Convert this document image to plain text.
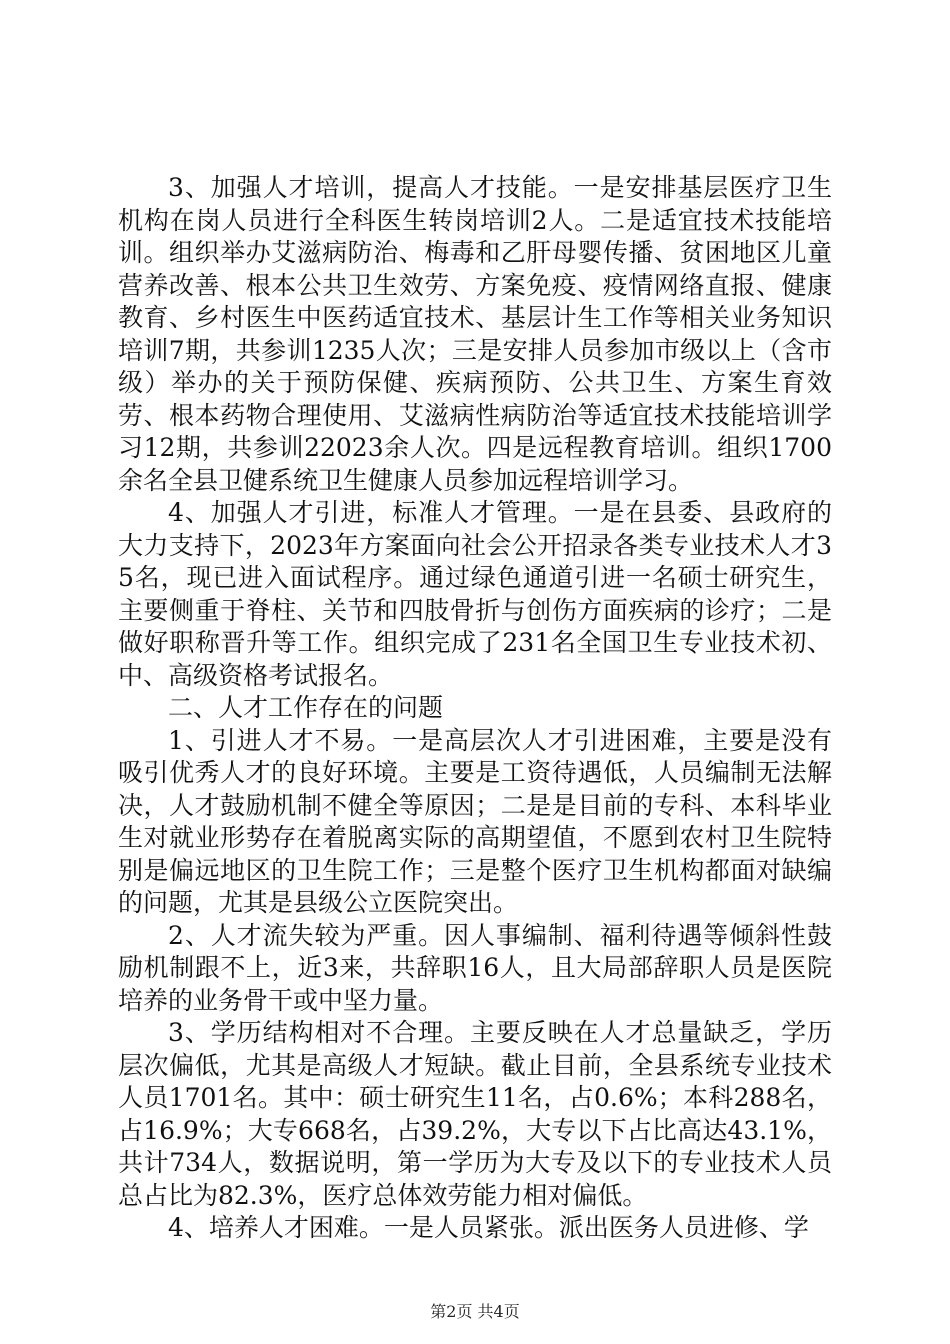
3、加强人才培训，提高人才技能。一是安排基层医疗卫生机构在岗人员进行全科医生转岗培训2人。二是适宜技术技能培训。组织举办艾滋病防治、梅毒和乙肝母婴传播、贫困地区儿童营养改善、根本公共卫生效劳、方案免疫、疫情网络直报、健康教育、乡村医生中医药适宜技术、基层计生工作等相关业务知识培训7期，共参训1235人次；三是安排人员参加市级以上（含市级）举办的关于预防保健、疾病预防、公共卫生、方案生育效劳、根本药物合理使用、艾滋病性病防治等适宜技术技能培训学习12期，共参训22023余人次。四是远程教育培训。组织1700余名全县卫健系统卫生健康人员参加远程培训学习。

4、加强人才引进，标准人才管理。一是在县委、县政府的大力支持下，2023年方案面向社会公开招录各类专业技术人才35名，现已进入面试程序。通过绿色通道引进一名硕士研究生，主要侧重于脊柱、关节和四肢骨折与创伤方面疾病的诊疗；二是做好职称晋升等工作。组织完成了231名全国卫生专业技术初、中、高级资格考试报名。

二、人才工作存在的问题

1、引进人才不易。一是高层次人才引进困难，主要是没有吸引优秀人才的良好环境。主要是工资待遇低，人员编制无法解决，人才鼓励机制不健全等原因；二是是目前的专科、本科毕业生对就业形势存在着脱离实际的高期望值，不愿到农村卫生院特别是偏远地区的卫生院工作；三是整个医疗卫生机构都面对缺编的问题，尤其是县级公立医院突出。

2、人才流失较为严重。因人事编制、福利待遇等倾斜性鼓励机制跟不上，近3来，共辞职16人，且大局部辞职人员是医院培养的业务骨干或中坚力量。

3、学历结构相对不合理。主要反映在人才总量缺乏，学历层次偏低，尤其是高级人才短缺。截止目前，全县系统专业技术人员1701名。其中：硕士研究生11名，占0.6%；本科288名，占16.9%；大专668名，占39.2%，大专以下占比高达43.1%，共计734人，数据说明，第一学历为大专及以下的专业技术人员总占比为82.3%，医疗总体效劳能力相对偏低。

4、培养人才困难。一是人员紧张。派出医务人员进修、学

第2页 共4页
